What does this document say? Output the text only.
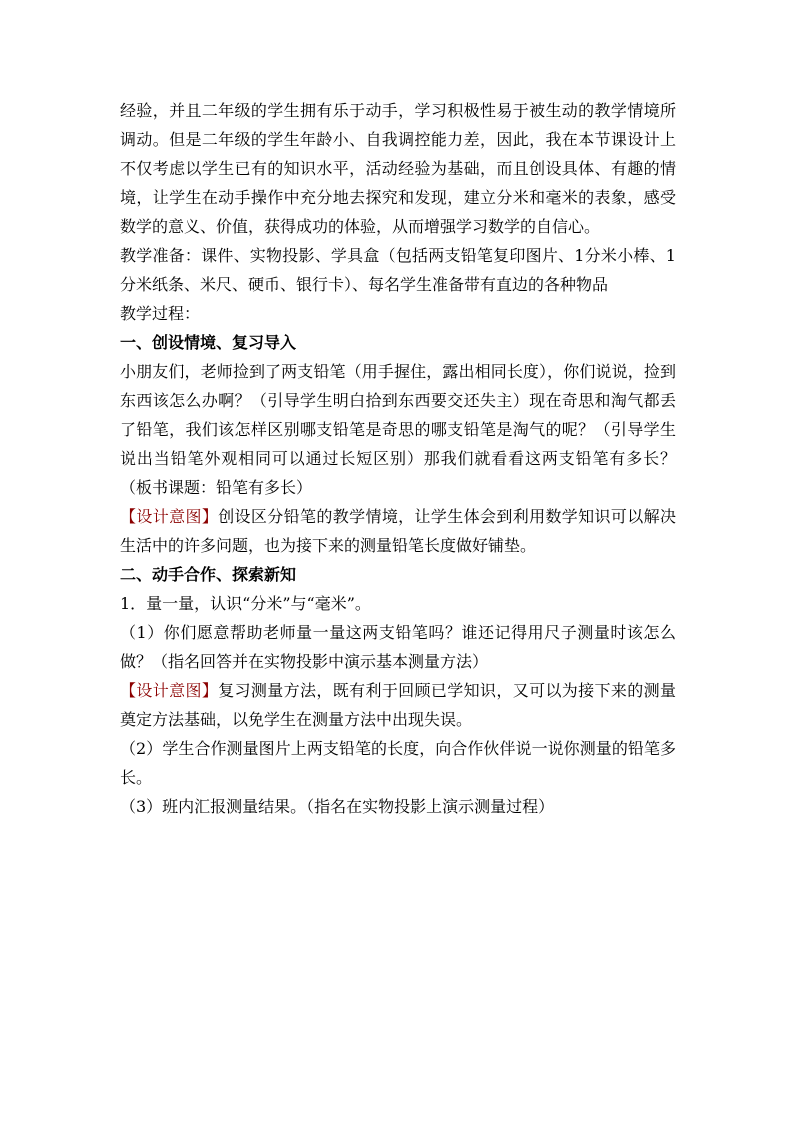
经验，并且二年级的学生拥有乐于动手，学习积极性易于被生动的教学情境所调动。但是二年级的学生年龄小、自我调控能力差，因此，我在本节课设计上不仅考虑以学生已有的知识水平，活动经验为基础，而且创设具体、有趣的情境，让学生在动手操作中充分地去探究和发现，建立分米和毫米的表象，感受数学的意义、价值，获得成功的体验，从而增强学习数学的自信心。

教学准备：课件、实物投影、学具盒（包括两支铅笔复印图片、1分米小棒、1分米纸条、米尺、硬币、银行卡）、每名学生准备带有直边的各种物品

教学过程：

一、创设情境、复习导入

小朋友们，老师捡到了两支铅笔（用手握住，露出相同长度），你们说说，捡到东西该怎么办啊？（引导学生明白拾到东西要交还失主）现在奇思和淘气都丢了铅笔，我们该怎样区别哪支铅笔是奇思的哪支铅笔是淘气的呢？（引导学生说出当铅笔外观相同可以通过长短区别）那我们就看看这两支铅笔有多长？（板书课题：铅笔有多长）

【设计意图】创设区分铅笔的教学情境，让学生体会到利用数学知识可以解决生活中的许多问题，也为接下来的测量铅笔长度做好铺垫。

二、动手合作、探索新知

1．量一量，认识“分米”与“毫米”。

（1）你们愿意帮助老师量一量这两支铅笔吗？谁还记得用尺子测量时该怎么做？（指名回答并在实物投影中演示基本测量方法）

【设计意图】复习测量方法，既有利于回顾已学知识，又可以为接下来的测量奠定方法基础，以免学生在测量方法中出现失误。

（2）学生合作测量图片上两支铅笔的长度，向合作伙伴说一说你测量的铅笔多长。

（3）班内汇报测量结果。（指名在实物投影上演示测量过程）
